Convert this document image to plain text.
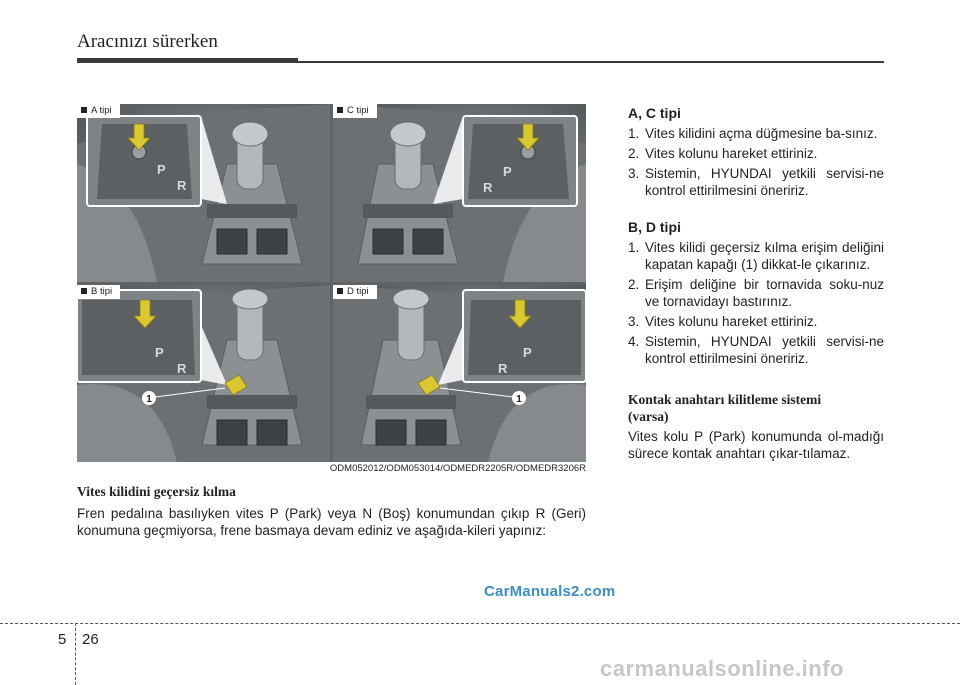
Aracınızı sürerken
P
R
A tipi
P
R
C tipi
P
R
1
B tipi
P
R
1
D tipi
ODM052012/ODM053014/ODMEDR2205R/ODMEDR3206R
Vites kilidini geçersiz kılma

Fren pedalına basılıyken vites P (Park) veya N (Boş) konumundan çıkıp R (Geri) konumuna geçmiyorsa, frene basmaya devam ediniz ve aşağıda-kileri yapınız:

A, C tipi
1. Vites kilidini açma düğmesine ba-sınız.
2. Vites kolunu hareket ettiriniz.
3. Sistemin, HYUNDAI yetkili servisi-ne kontrol ettirilmesini öneririz.
B, D tipi
1. Vites kilidi geçersiz kılma erişim deliğini kapatan kapağı (1) dikkat-le çıkarınız.
2. Erişim deliğine bir tornavida soku-nuz ve tornavidayı bastırınız.
3. Vites kolunu hareket ettiriniz.
4. Sistemin, HYUNDAI yetkili servisi-ne kontrol ettirilmesini öneririz.
Kontak anahtarı kilitleme sistemi
(varsa)

Vites kolu P (Park) konumunda ol-madığı sürece kontak anahtarı çıkar-tılamaz.

CarManuals2.com
5 26
carmanualsonline.info
